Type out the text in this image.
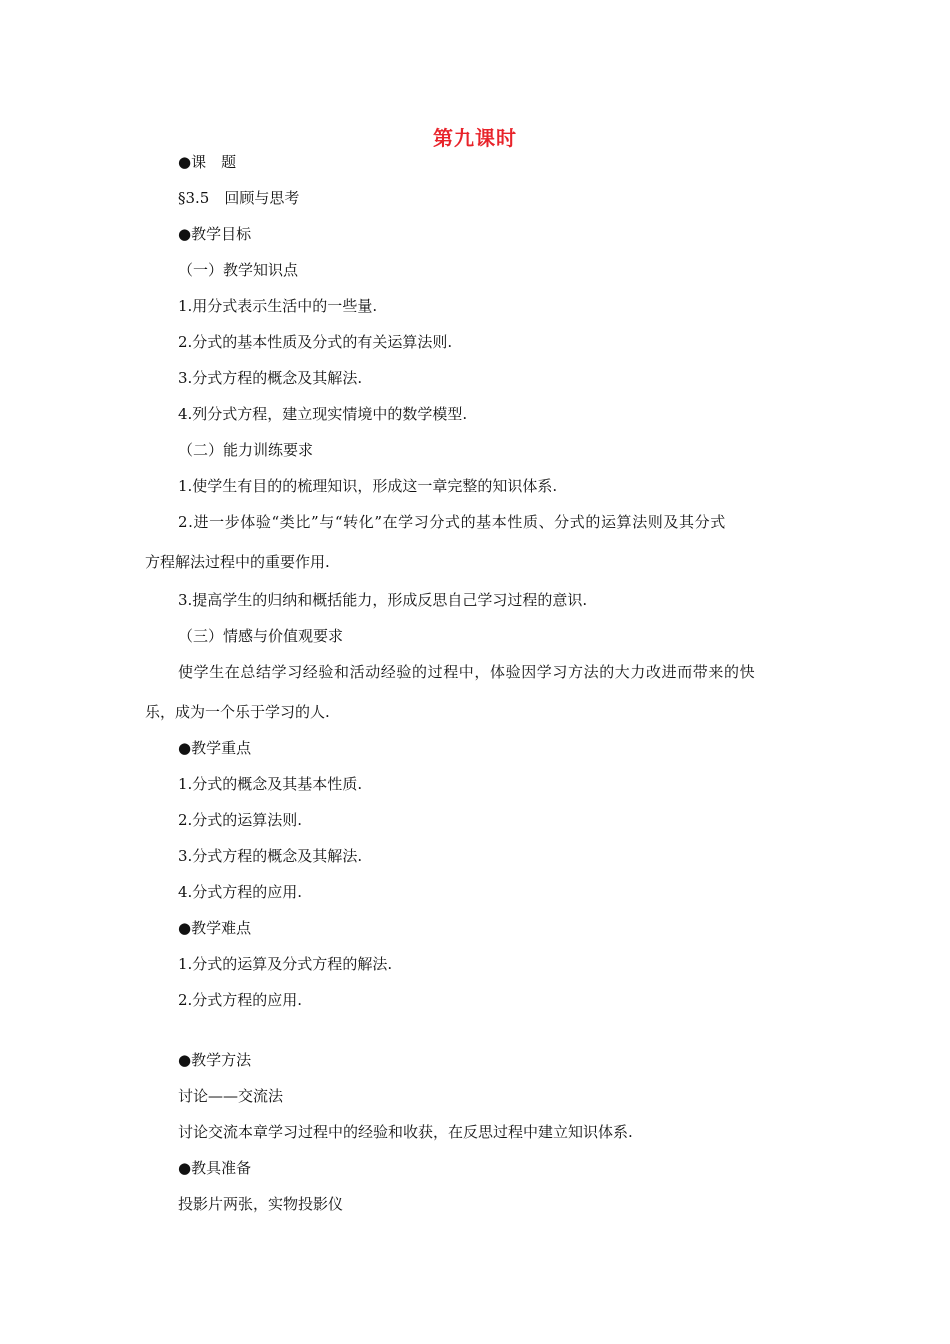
第九课时
●课　题
§3.5　回顾与思考
●教学目标
（一）教学知识点
1.用分式表示生活中的一些量.
2.分式的基本性质及分式的有关运算法则.
3.分式方程的概念及其解法.
4.列分式方程，建立现实情境中的数学模型.
（二）能力训练要求
1.使学生有目的的梳理知识，形成这一章完整的知识体系.
2.进一步体验“类比”与“转化”在学习分式的基本性质、分式的运算法则及其分式
方程解法过程中的重要作用.
3.提高学生的归纳和概括能力，形成反思自己学习过程的意识.
（三）情感与价值观要求
使学生在总结学习经验和活动经验的过程中，体验因学习方法的大力改进而带来的快
乐，成为一个乐于学习的人.
●教学重点
1.分式的概念及其基本性质.
2.分式的运算法则.
3.分式方程的概念及其解法.
4.分式方程的应用.
●教学难点
1.分式的运算及分式方程的解法.
2.分式方程的应用.
●教学方法
讨论——交流法
讨论交流本章学习过程中的经验和收获，在反思过程中建立知识体系.
●教具准备
投影片两张，实物投影仪
